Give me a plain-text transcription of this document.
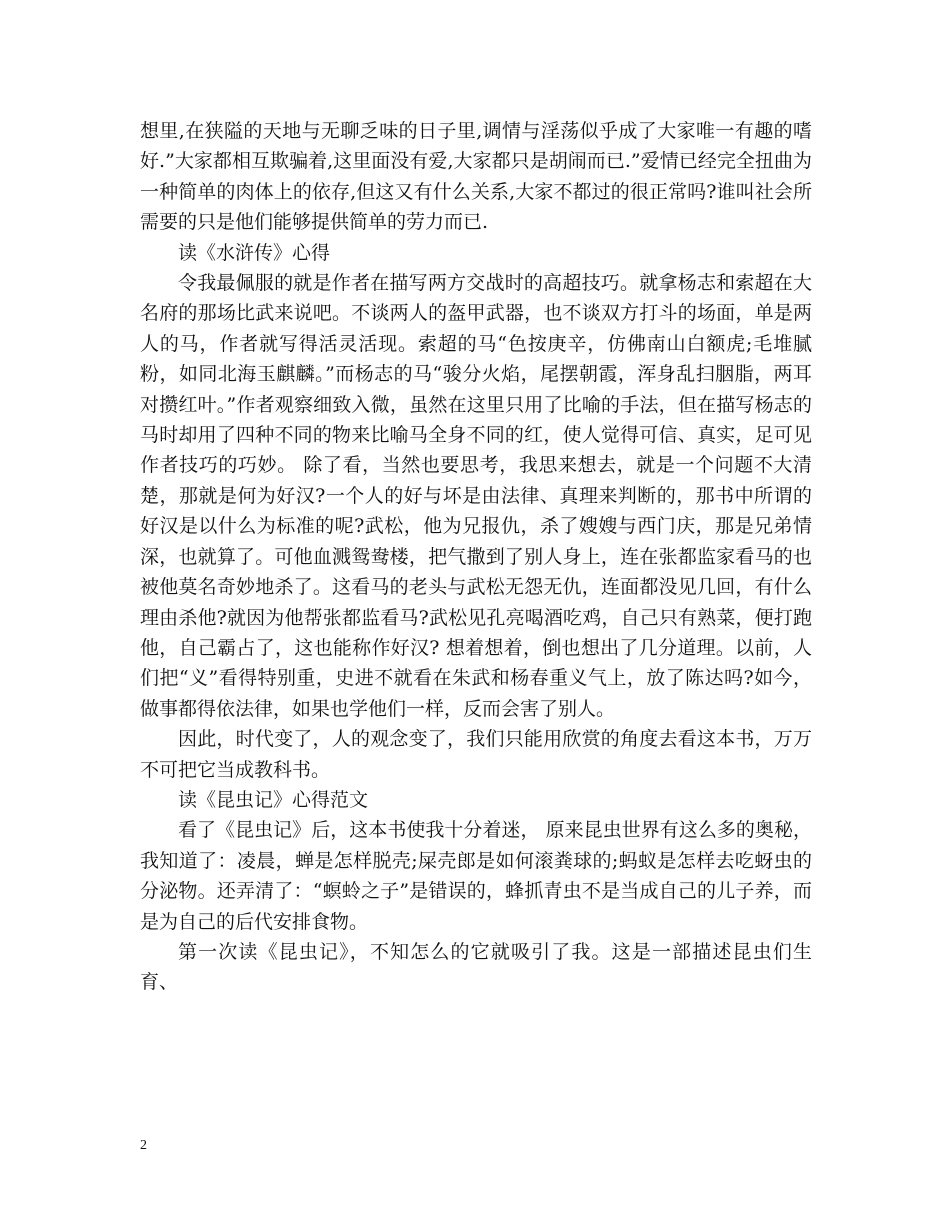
想里,在狭隘的天地与无聊乏味的日子里,调情与淫荡似乎成了大家唯一有趣的嗜好.”大家都相互欺骗着,这里面没有爱,大家都只是胡闹而已.”爱情已经完全扭曲为一种简单的肉体上的依存,但这又有什么关系,大家不都过的很正常吗?谁叫社会所需要的只是他们能够提供简单的劳力而已.

读《水浒传》心得

令我最佩服的就是作者在描写两方交战时的高超技巧。就拿杨志和索超在大名府的那场比武来说吧。不谈两人的盔甲武器，也不谈双方打斗的场面，单是两人的马，作者就写得活灵活现。索超的马“色按庚辛，仿佛南山白额虎;毛堆腻粉，如同北海玉麒麟。”而杨志的马“骏分火焰，尾摆朝霞，浑身乱扫胭脂，两耳对攒红叶。”作者观察细致入微，虽然在这里只用了比喻的手法，但在描写杨志的马时却用了四种不同的物来比喻马全身不同的红，使人觉得可信、真实，足可见作者技巧的巧妙。 除了看，当然也要思考，我思来想去，就是一个问题不大清楚，那就是何为好汉?一个人的好与坏是由法律、真理来判断的，那书中所谓的好汉是以什么为标准的呢?武松，他为兄报仇，杀了嫂嫂与西门庆，那是兄弟情深，也就算了。可他血溅鸳鸯楼，把气撒到了别人身上，连在张都监家看马的也被他莫名奇妙地杀了。这看马的老头与武松无怨无仇，连面都没见几回，有什么理由杀他?就因为他帮张都监看马?武松见孔亮喝酒吃鸡，自己只有熟菜，便打跑他，自己霸占了，这也能称作好汉? 想着想着，倒也想出了几分道理。以前，人们把“义”看得特别重，史进不就看在朱武和杨春重义气上，放了陈达吗?如今，做事都得依法律，如果也学他们一样，反而会害了别人。

因此，时代变了，人的观念变了，我们只能用欣赏的角度去看这本书，万万不可把它当成教科书。

读《昆虫记》心得范文

看了《昆虫记》后，这本书使我十分着迷， 原来昆虫世界有这么多的奥秘，我知道了：凌晨，蝉是怎样脱壳;屎壳郎是如何滚粪球的;蚂蚁是怎样去吃蚜虫的分泌物。还弄清了：“螟蛉之子”是错误的，蜂抓青虫不是当成自己的儿子养，而是为自己的后代安排食物。

第一次读《昆虫记》，不知怎么的它就吸引了我。这是一部描述昆虫们生育、

2
